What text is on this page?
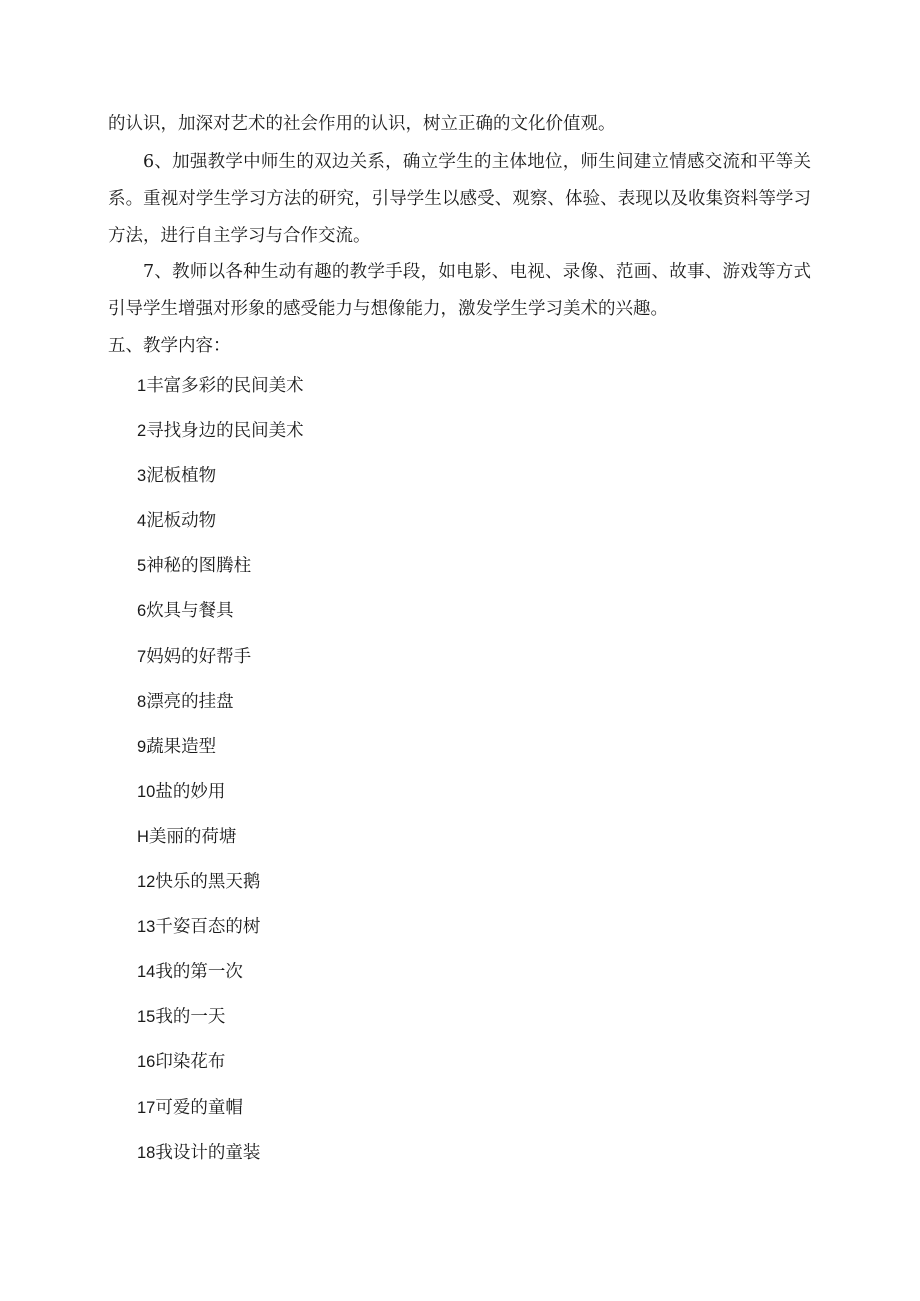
的认识，加深对艺术的社会作用的认识，树立正确的文化价值观。

6、加强教学中师生的双边关系，确立学生的主体地位，师生间建立情感交流和平等关系。重视对学生学习方法的研究，引导学生以感受、观察、体验、表现以及收集资料等学习方法，进行自主学习与合作交流。

7、教师以各种生动有趣的教学手段，如电影、电视、录像、范画、故事、游戏等方式引导学生增强对形象的感受能力与想像能力，激发学生学习美术的兴趣。

五、教学内容：

1丰富多彩的民间美术
2寻找身边的民间美术
3泥板植物
4泥板动物
5神秘的图腾柱
6炊具与餐具
7妈妈的好帮手
8漂亮的挂盘
9蔬果造型
10盐的妙用
H美丽的荷塘
12快乐的黑天鹅
13千姿百态的树
14我的第一次
15我的一天
16印染花布
17可爱的童帽
18我设计的童装
